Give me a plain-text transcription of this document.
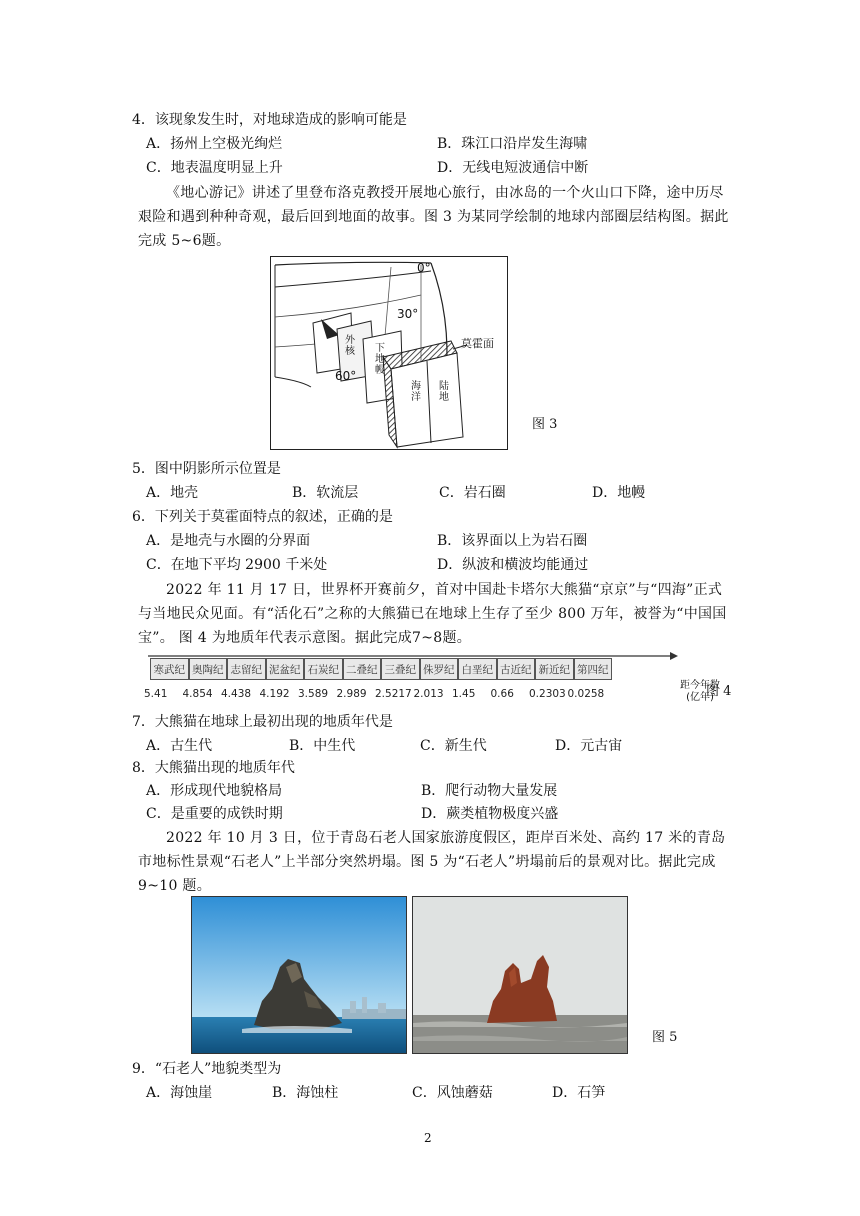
4．该现象发生时，对地球造成的影响可能是
A．扬州上空极光绚烂	B．珠江口沿岸发生海啸
C．地表温度明显上升	D．无线电短波通信中断
《地心游记》讲述了里登布洛克教授开展地心旅行，由冰岛的一个火山口下降，途中历尽艰险和遇到种种奇观，最后回到地面的故事。图 3 为某同学绘制的地球内部圈层结构图。据此完成 5~6题。
0°
30°
60°
莫霍面
外核 下地幔
海洋
陆地
图 3
5．图中阴影所示位置是
A．地壳	B．软流层	C．岩石圈	D．地幔
6．下列关于莫霍面特点的叙述，正确的是
A．是地壳与水圈的分界面	B．该界面以上为岩石圈
C．在地下平均 2900 千米处	D．纵波和横波均能通过
2022 年 11 月 17 日，世界杯开赛前夕，首对中国赴卡塔尔大熊猫“京京”与“四海”正式与当地民众见面。有“活化石”之称的大熊猫已在地球上生存了至少 800 万年，被誉为“中国国宝”。 图 4 为地质年代表示意图。据此完成7~8题。
寒武纪 奥陶纪 志留纪 泥盆纪 石炭纪 二叠纪 三叠纪 侏罗纪 白垩纪 古近纪 新近纪 第四纪
5.41 4.854 4.438 4.192 3.589 2.989 2.5217 2.013 1.45 0.66 0.2303 0.0258
距今年数
(亿年)
图 4
7．大熊猫在地球上最初出现的地质年代是
A．古生代	B．中生代	C．新生代	D．元古宙
8．大熊猫出现的地质年代
A．形成现代地貌格局	B．爬行动物大量发展
C．是重要的成铁时期	D．蕨类植物极度兴盛
2022 年 10 月 3 日，位于青岛石老人国家旅游度假区，距岸百米处、高约 17 米的青岛市地标性景观“石老人”上半部分突然坍塌。图 5 为“石老人”坍塌前后的景观对比。据此完成9~10 题。
图 5
9．“石老人”地貌类型为
A．海蚀崖	B．海蚀柱	C．风蚀蘑菇	D．石笋
2
